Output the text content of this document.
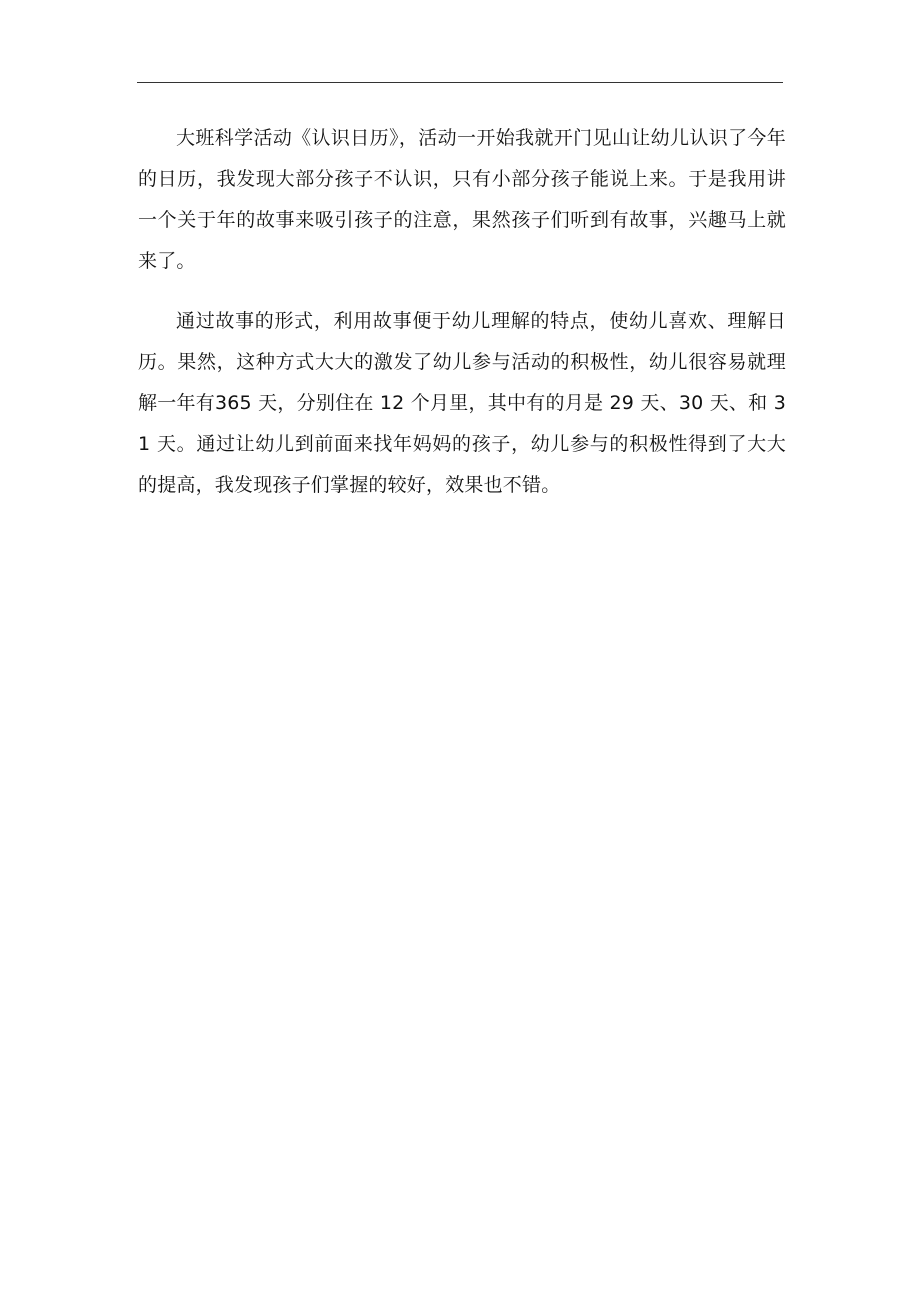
大班科学活动《认识日历》，活动一开始我就开门见山让幼儿认识了今年的日历，我发现大部分孩子不认识，只有小部分孩子能说上来。于是我用讲一个关于年的故事来吸引孩子的注意，果然孩子们听到有故事，兴趣马上就来了。

通过故事的形式，利用故事便于幼儿理解的特点，使幼儿喜欢、理解日历。果然，这种方式大大的激发了幼儿参与活动的积极性，幼儿很容易就理解一年有365 天，分别住在 12 个月里，其中有的月是 29 天、30 天、和 31 天。通过让幼儿到前面来找年妈妈的孩子，幼儿参与的积极性得到了大大的提高，我发现孩子们掌握的较好，效果也不错。
